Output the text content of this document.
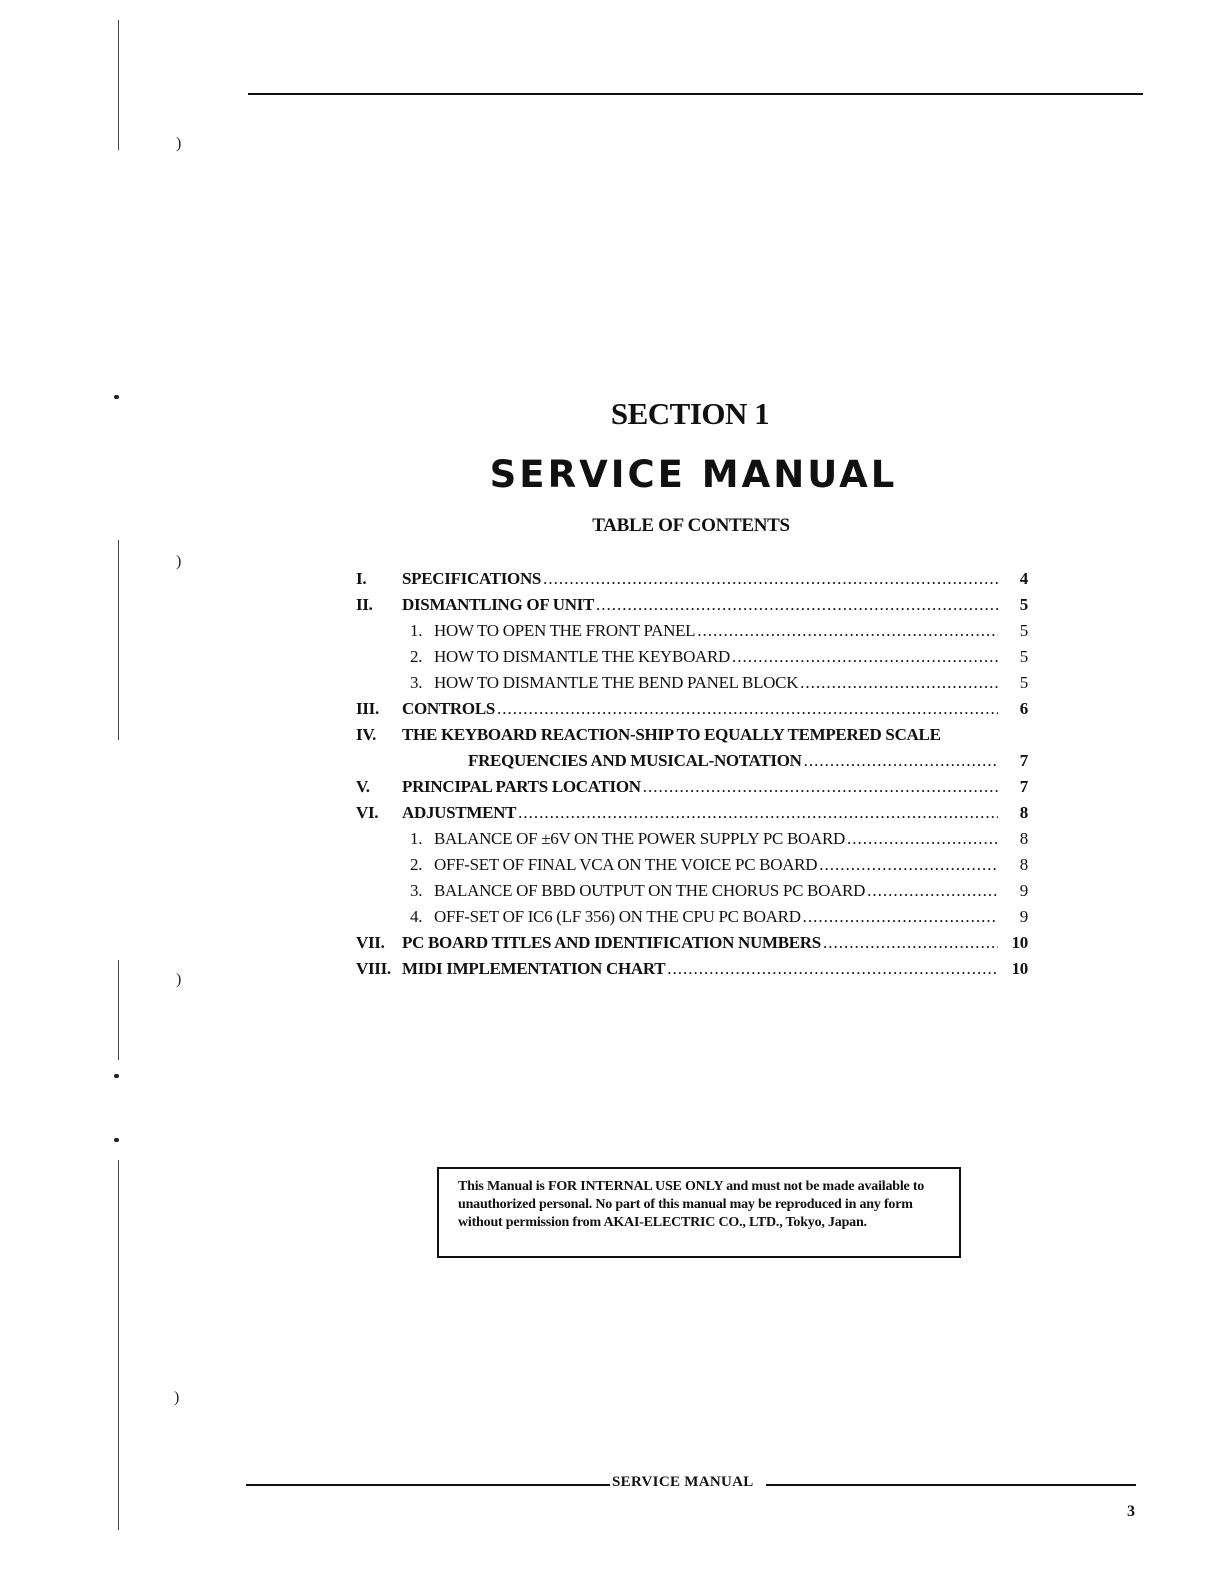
)
)
)
)
SECTION 1
SERVICE MANUAL
TABLE OF CONTENTS
I.	SPECIFICATIONS .....	4
II.	DISMANTLING OF UNIT .....	5
1. HOW TO OPEN THE FRONT PANEL .....	5
2. HOW TO DISMANTLE THE KEYBOARD .....	5
3. HOW TO DISMANTLE THE BEND PANEL BLOCK .....	5
III.	CONTROLS .....	6
IV.	THE KEYBOARD REACTION-SHIP TO EQUALLY TEMPERED SCALE
FREQUENCIES AND MUSICAL-NOTATION .....	7
V.	PRINCIPAL PARTS LOCATION .....	7
VI.	ADJUSTMENT .....	8
1. BALANCE OF ±6V ON THE POWER SUPPLY PC BOARD .....	8
2. OFF-SET OF FINAL VCA ON THE VOICE PC BOARD .....	8
3. BALANCE OF BBD OUTPUT ON THE CHORUS PC BOARD .....	9
4. OFF-SET OF IC6 (LF 356) ON THE CPU PC BOARD .....	9
VII.	PC BOARD TITLES AND IDENTIFICATION NUMBERS .....	10
VIII. MIDI IMPLEMENTATION CHART .....	10
This Manual is FOR INTERNAL USE ONLY and must not be made available to unauthorized personal. No part of this manual may be reproduced in any form without permission from AKAI-ELECTRIC CO., LTD., Tokyo, Japan.
SERVICE MANUAL
3
